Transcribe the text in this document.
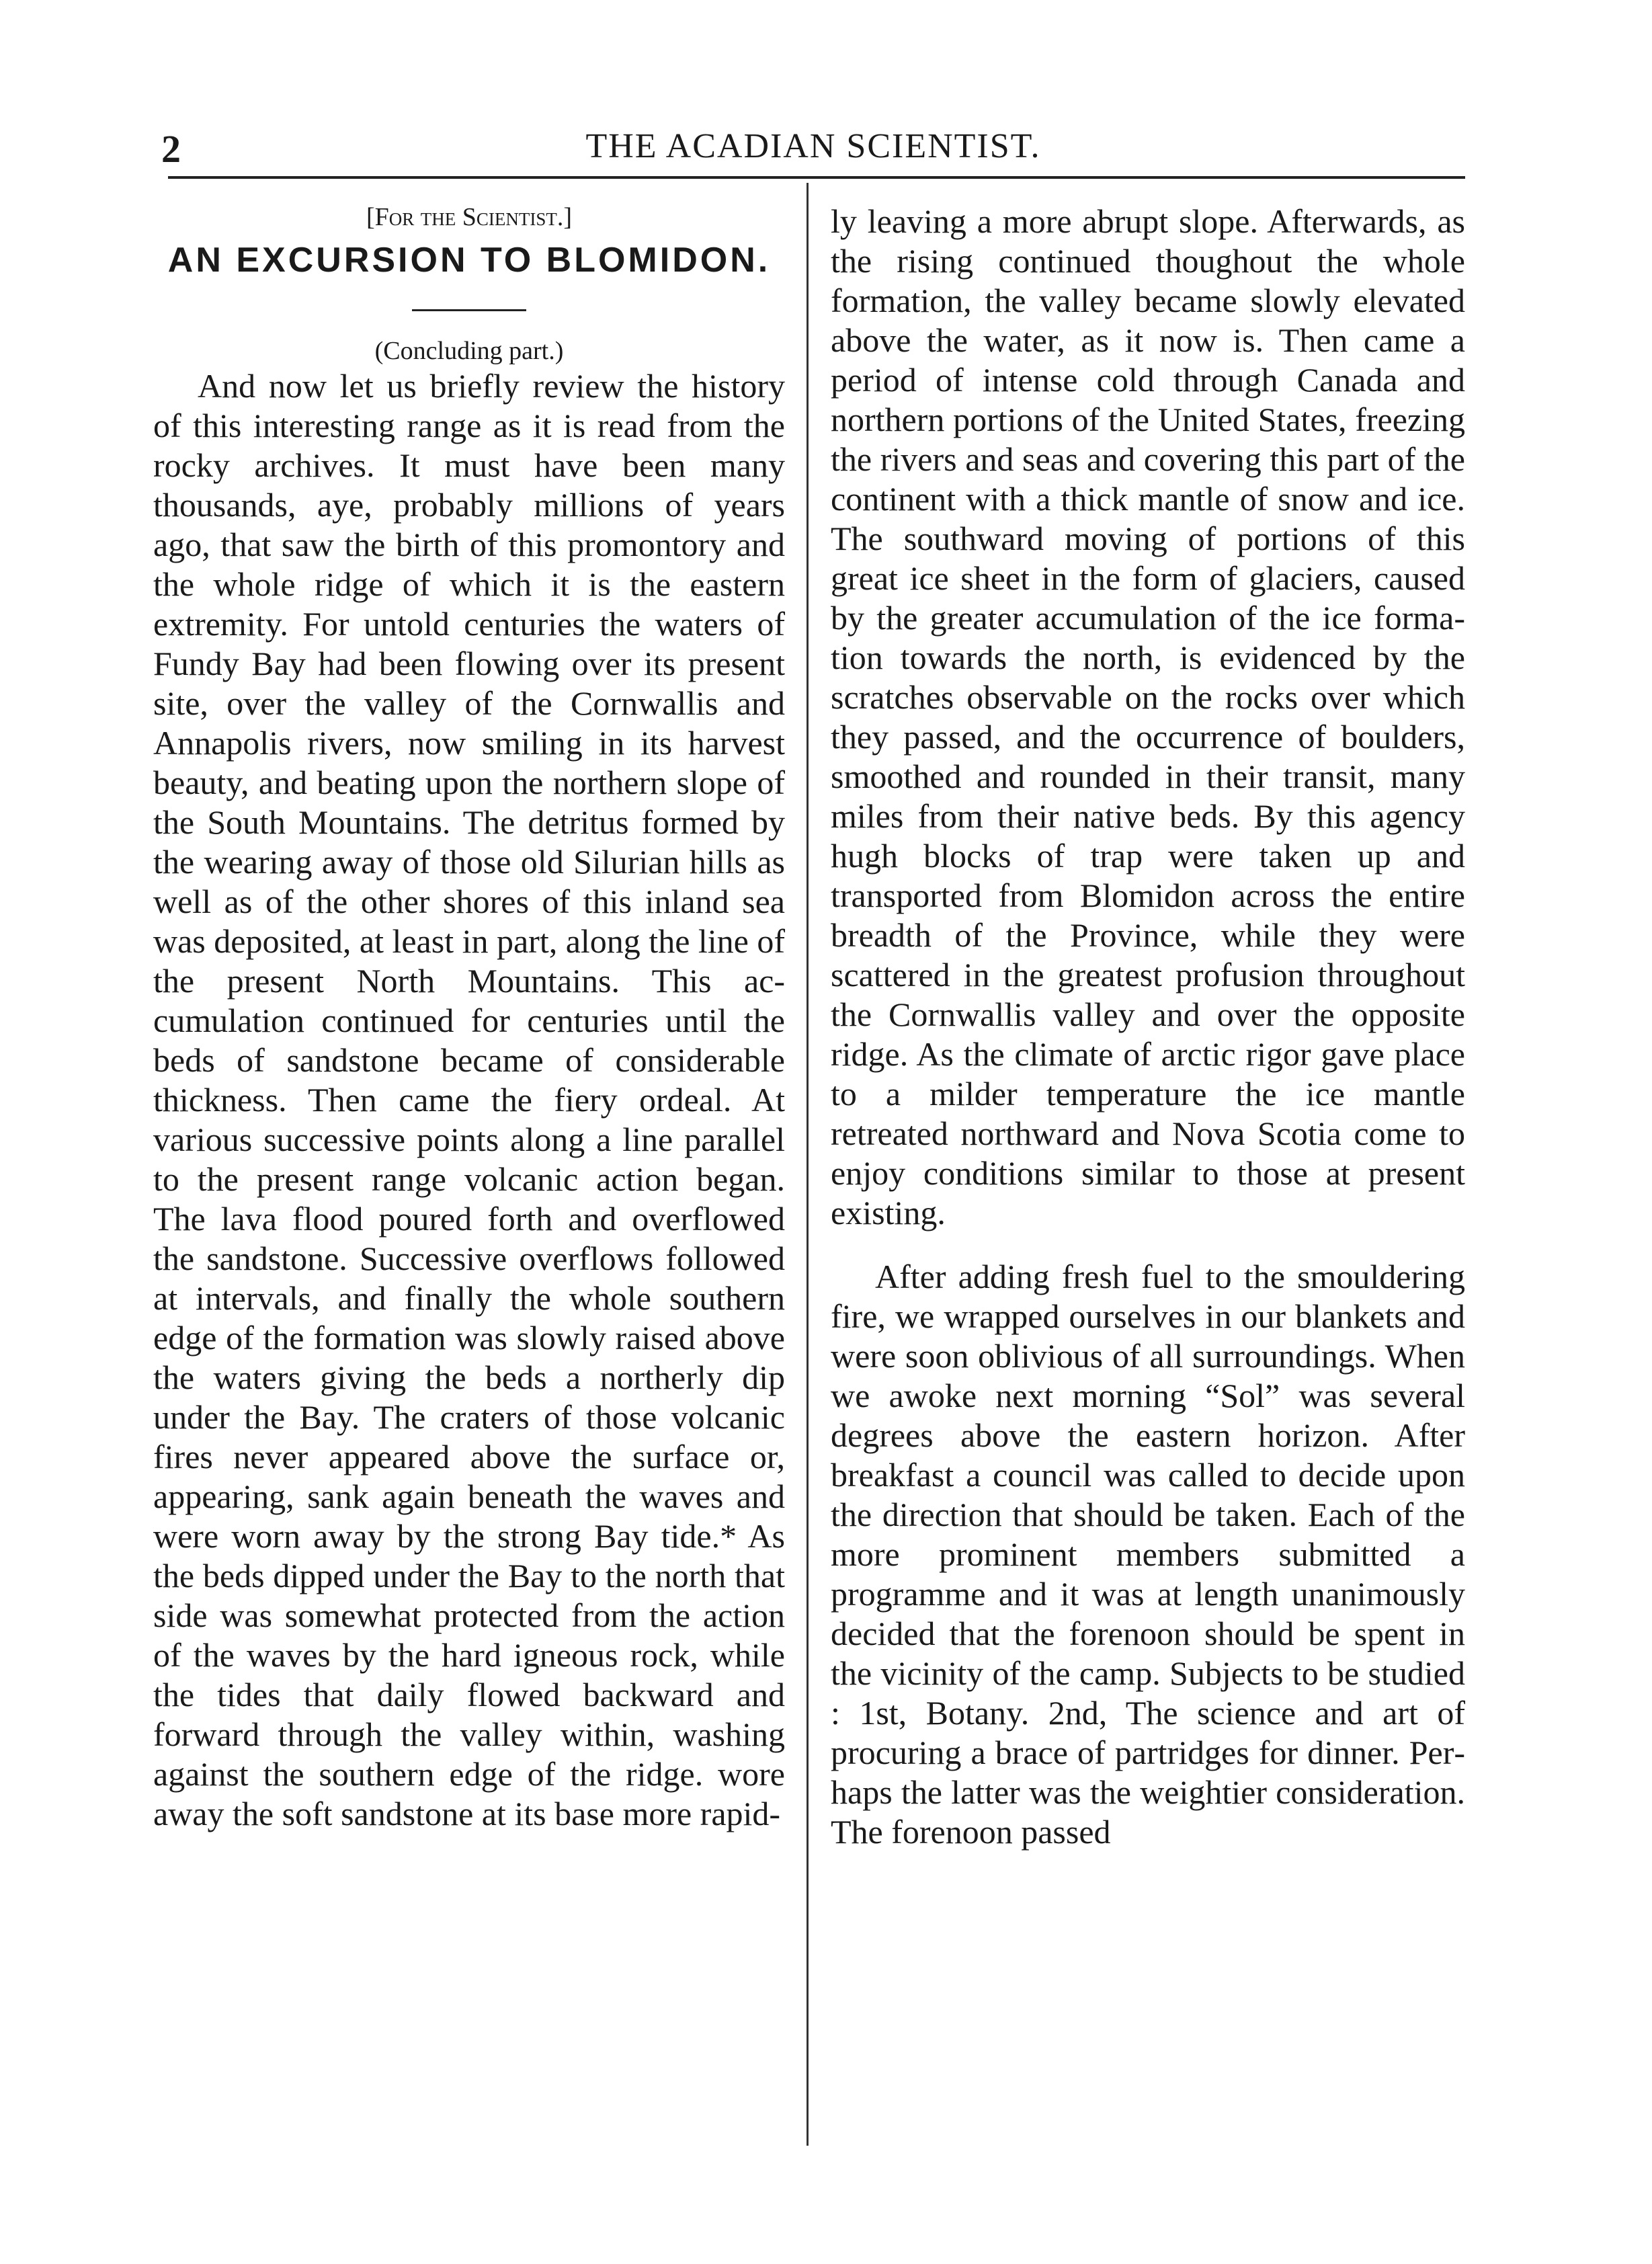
2	THE ACADIAN SCIENTIST.

[For the Scientist.]

AN EXCURSION TO BLOMIDON.

(Concluding part.)

And now let us briefly review the history of this interesting range as it is read from the rocky archives. It must have been many thousands, aye, probably millions of years ago, that saw the birth of this promontory and the whole ridge of which it is the eastern extremity. For untold centuries the waters of Fundy Bay had been flowing over its present site, over the valley of the Cornwallis and Annapolis rivers, now smiling in its harvest beauty, and beating upon the northern slope of the South Mountains. The detritus formed by the wearing away of those old Silurian hills as well as of the other shores of this inland sea was deposited, at least in part, along the line of the present North Mountains. This accumulation continued for centuries until the beds of sandstone became of considerable thickness. Then came the fiery ordeal. At various successive points along a line parallel to the present range volcanic action began. The lava flood poured forth and overflowed the sandstone. Successive overflows followed at intervals, and finally the whole southern edge of the formation was slowly raised above the waters giving the beds a northerly dip under the Bay. The craters of those volcanic fires never appeared above the surface or, appearing, sank again beneath the waves and were worn away by the strong Bay tide.* As the beds dipped under the Bay to the north that side was somewhat protected from the action of the waves by the hard igneous rock, while the tides that daily flowed backward and forward through the valley within, washing against the southern edge of the ridge. wore away the soft sandstone at its base more rapid-

ly leaving a more abrupt slope. Afterwards, as the rising continued thoughout the whole formation, the valley became slowly elevated above the water, as it now is. Then came a period of intense cold through Canada and northern portions of the United States, freezing the rivers and seas and covering this part of the continent with a thick mantle of snow and ice. The southward moving of portions of this great ice sheet in the form of glaciers, caused by the greater accumulation of the ice formation towards the north, is evidenced by the scratches observable on the rocks over which they passed, and the occurrence of boulders, smoothed and rounded in their transit, many miles from their native beds. By this agency hugh blocks of trap were taken up and transported from Blomidon across the entire breadth of the Province, while they were scattered in the greatest profusion throughout the Cornwallis valley and over the opposite ridge. As the climate of arctic rigor gave place to a milder temperature the ice mantle retreated northward and Nova Scotia come to enjoy conditions similar to those at present existing.

After adding fresh fuel to the smouldering fire, we wrapped ourselves in our blankets and were soon oblivious of all surroundings. When we awoke next morning “Sol” was several degrees above the eastern horizon. After breakfast a council was called to decide upon the direction that should be taken. Each of the more prominent members submitted a programme and it was at length unanimously decided that the forenoon should be spent in the vicinity of the camp. Subjects to be studied : 1st, Botany. 2nd, The science and art of procuring a brace of partridges for dinner. Perhaps the latter was the weightier consideration. The forenoon passed
